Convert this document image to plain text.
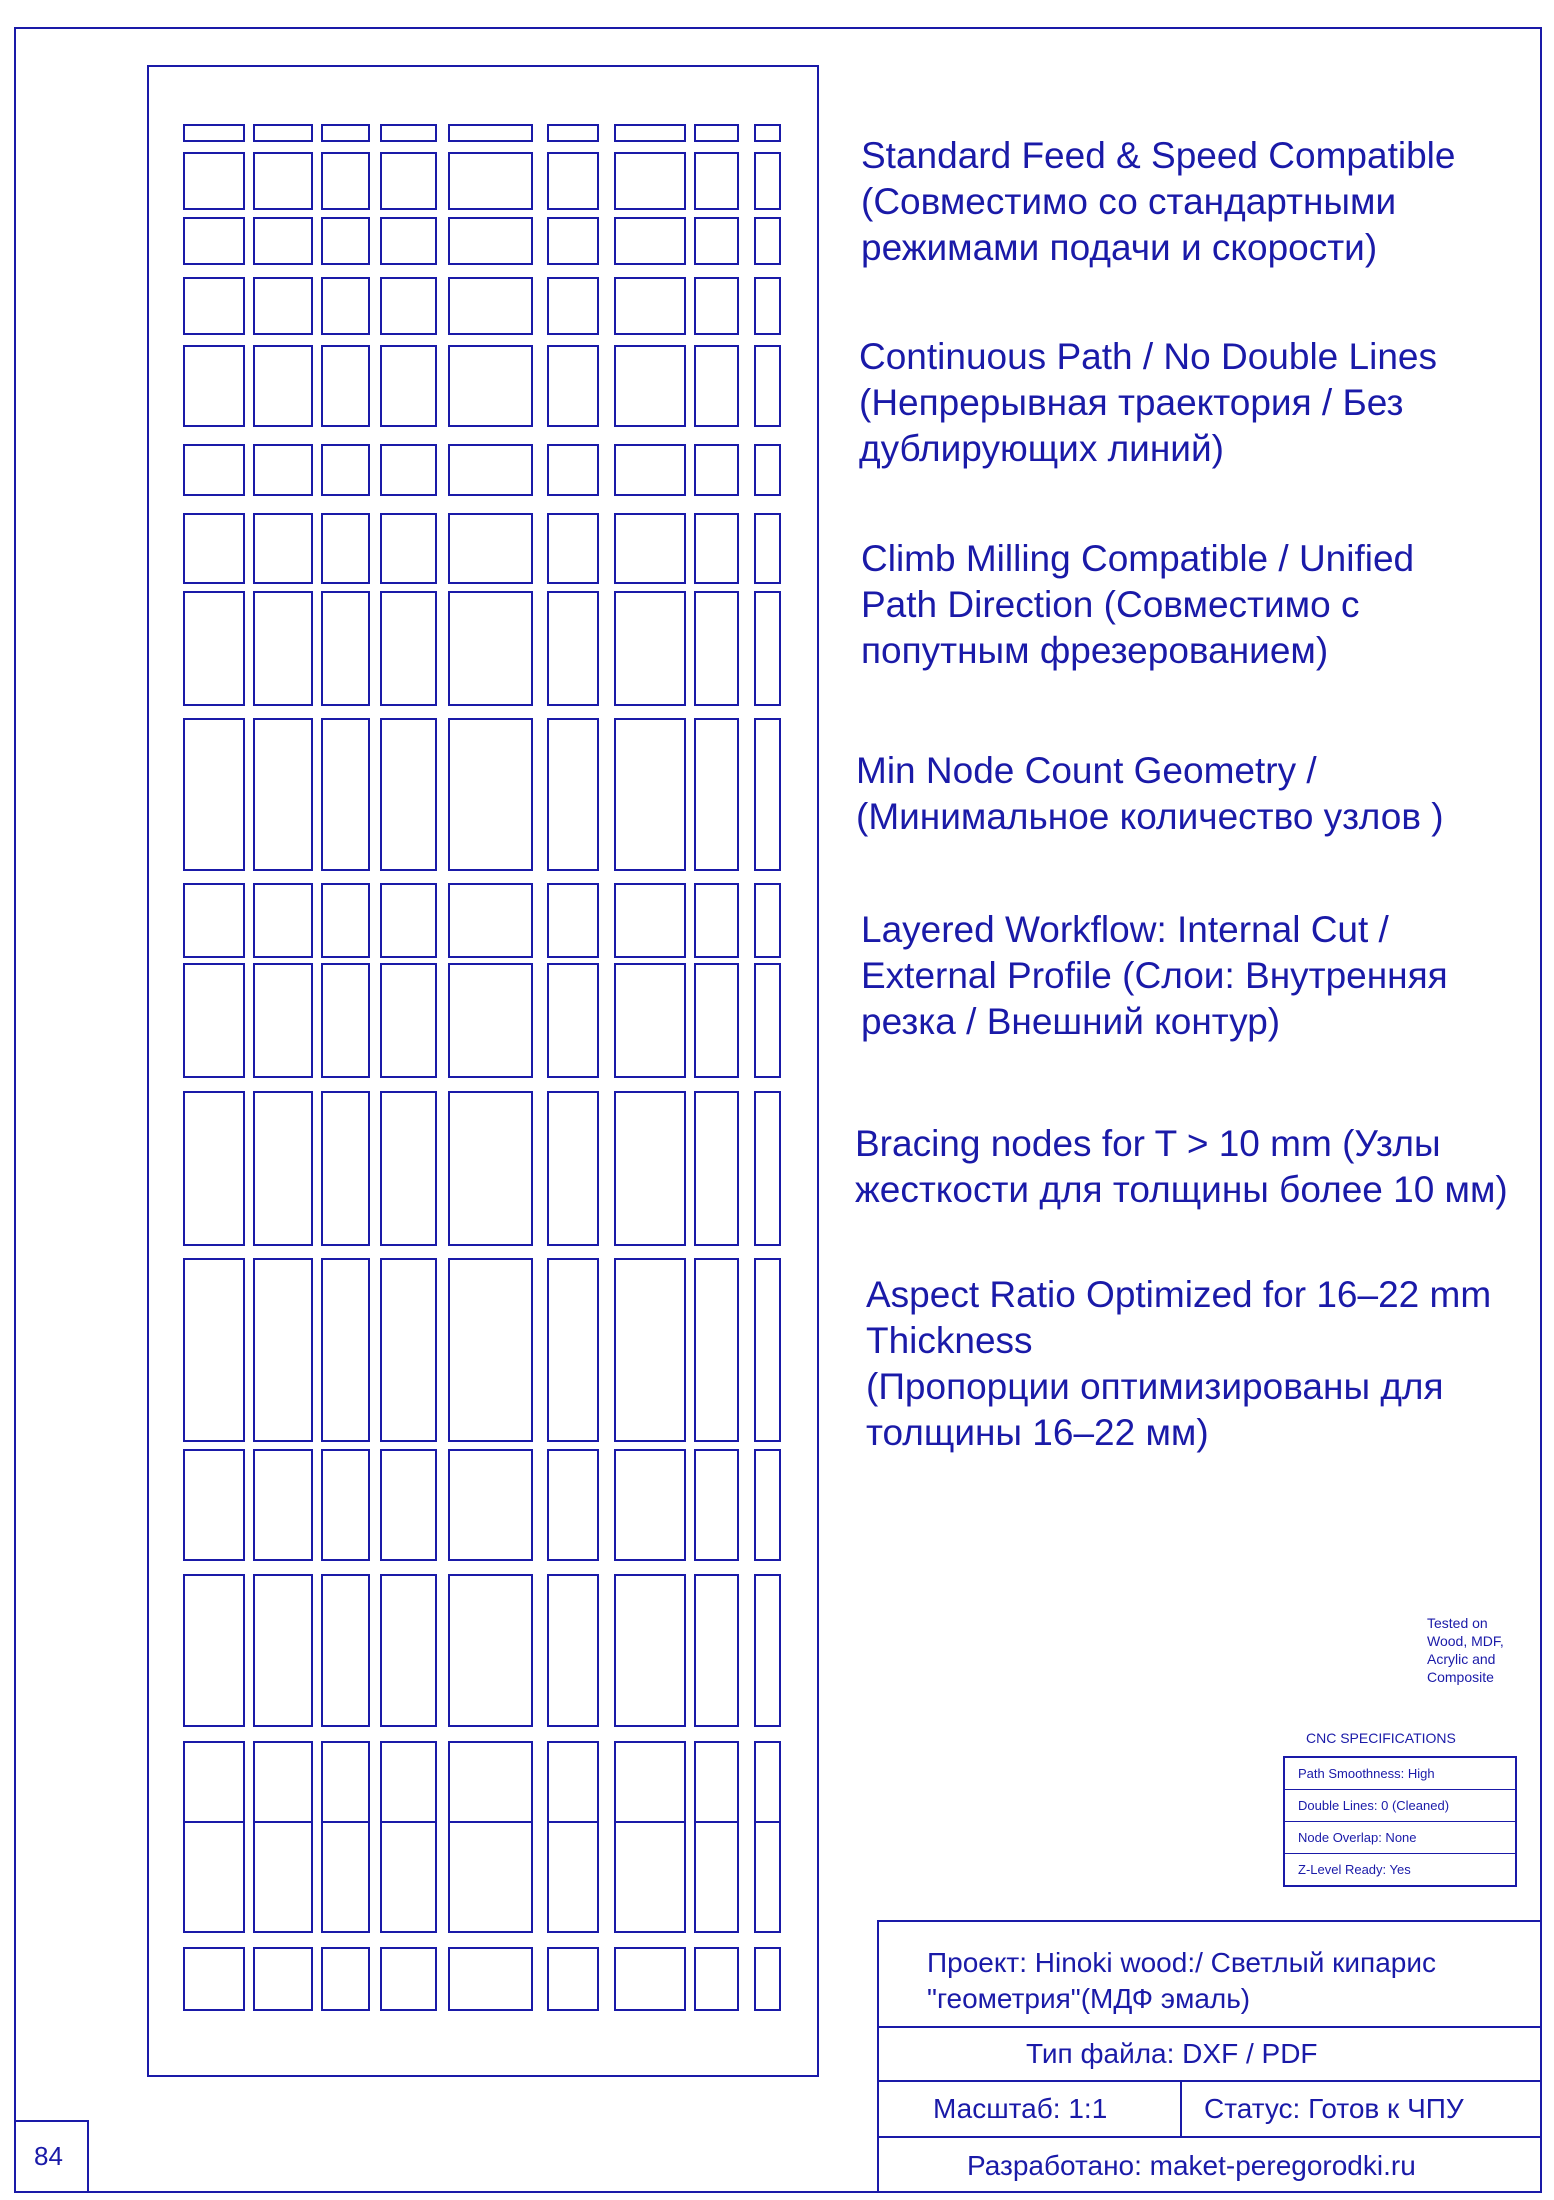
Standard Feed & Speed Compatible
(Совместимо со стандартными
режимами подачи и скорости)
Continuous Path / No Double Lines
(Непрерывная траектория / Без
дублирующих линий)
Climb Milling Compatible / Unified
Path Direction (Совместимо с
попутным фрезерованием)
Min Node Count Geometry /
(Минимальное количество узлов )
Layered Workflow: Internal Cut /
External Profile (Слои: Внутренняя
резка / Внешний контур)
Bracing nodes for T > 10 mm (Узлы
жесткости для толщины более 10 мм)
Aspect Ratio Optimized for 16–22 mm
Thickness
(Пропорции оптимизированы для
толщины 16–22 мм)
Tested on
Wood, MDF,
Acrylic and
Composite
CNC SPECIFICATIONS
Path Smoothness: High
Double Lines: 0 (Cleaned)
Node Overlap: None
Z-Level Ready: Yes
Проект: Hinoki wood:/ Светлый кипарис
"геометрия"(МДФ эмаль)
Тип файла: DXF / PDF
Масштаб: 1:1	Статус: Готов к ЧПУ
Разработано: maket-peregorodki.ru
84
